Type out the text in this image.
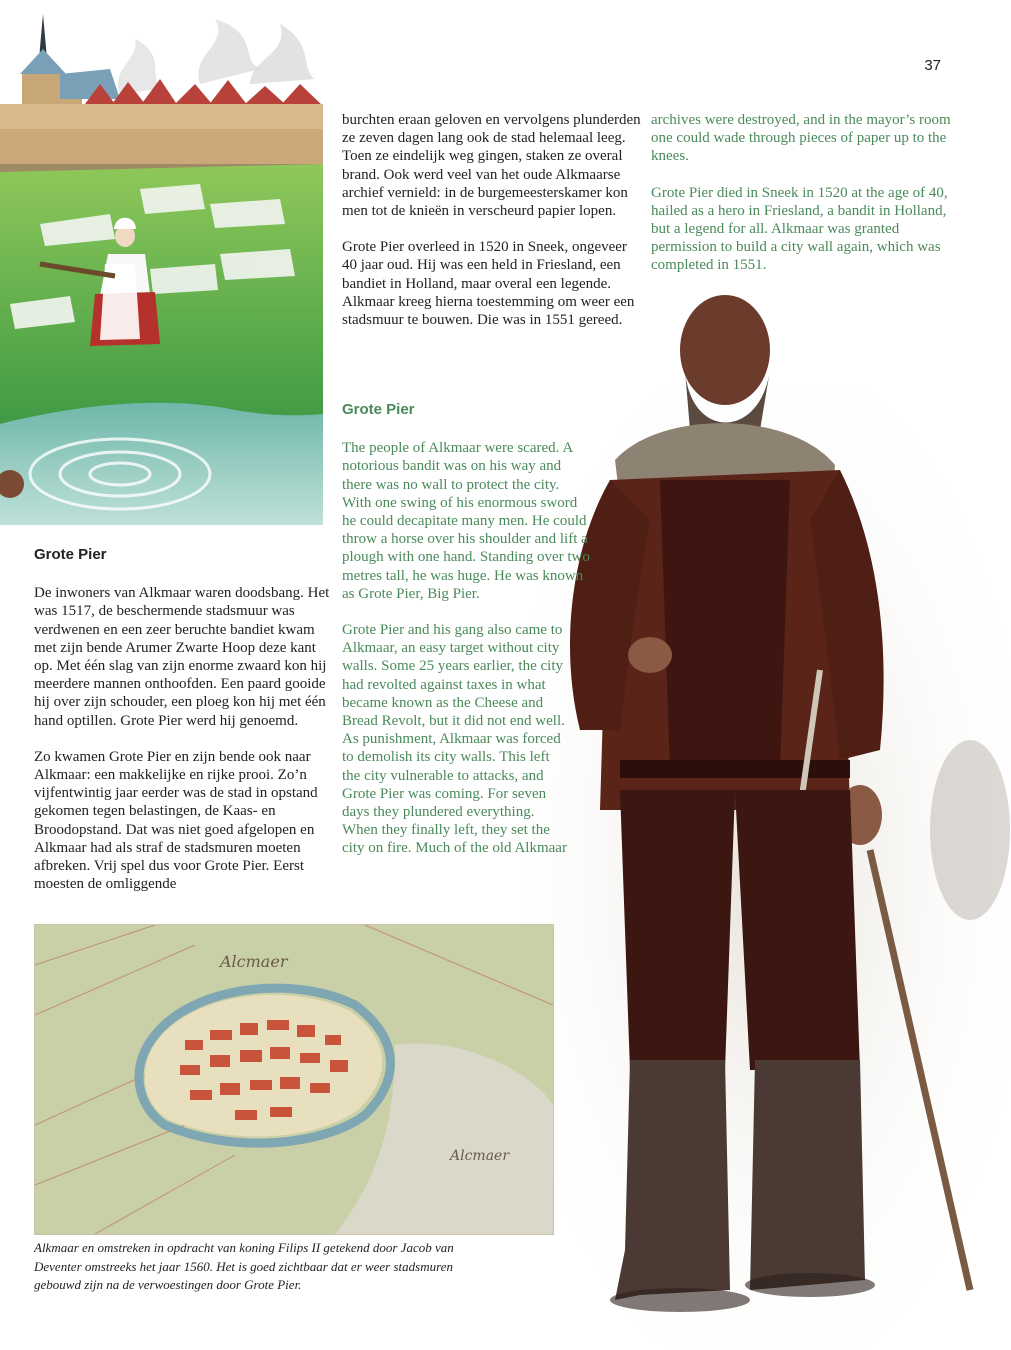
37
Grote Pier

De inwoners van Alkmaar waren doodsbang. Het was 1517, de beschermende stadsmuur was verdwenen en een zeer beruchte bandiet kwam met zijn bende Arumer Zwarte Hoop deze kant op. Met één slag van zijn enorme zwaard kon hij meerdere mannen onthoofden. Een paard gooide hij over zijn schouder, een ploeg kon hij met één hand optillen. Grote Pier werd hij genoemd.

Zo kwamen Grote Pier en zijn bende ook naar Alkmaar: een makkelijke en rijke prooi. Zo’n vijfentwintig jaar eerder was de stad in opstand gekomen tegen belastingen, de Kaas- en Broodopstand. Dat was niet goed afgelopen en Alkmaar had als straf de stadsmuren moeten afbreken. Vrij spel dus voor Grote Pier. Eerst moesten de omliggende

burchten eraan geloven en vervolgens plunderden ze zeven dagen lang ook de stad helemaal leeg. Toen ze eindelijk weg gingen, staken ze overal brand. Ook werd veel van het oude Alkmaarse archief vernield: in de burgemeesterskamer kon men tot de knieën in verscheurd papier lopen.

Grote Pier overleed in 1520 in Sneek, ongeveer 40 jaar oud. Hij was een held in Friesland, een bandiet in Holland, maar overal een legende. Alkmaar kreeg hierna toestemming om weer een stadsmuur te bouwen. Die was in 1551 gereed.

Grote Pier

The people of Alkmaar were scared. A notorious bandit was on his way and there was no wall to protect the city. With one swing of his enormous sword he could decapitate many men. He could throw a horse over his shoulder and lift a plough with one hand. Standing over two metres tall, he was huge. He was known as Grote Pier, Big Pier.

Grote Pier and his gang also came to Alkmaar, an easy target without city walls. Some 25 years earlier, the city had revolted against taxes in what became known as the Cheese and Bread Revolt, but it did not end well. As punishment, Alkmaar was forced to demolish its city walls. This left the city vulnerable to attacks, and Grote Pier was coming. For seven days they plundered everything. When they finally left, they set the city on fire. Much of the old Alkmaar

archives were destroyed, and in the mayor’s room one could wade through pieces of paper up to the knees.

Grote Pier died in Sneek in 1520 at the age of 40, hailed as a hero in Friesland, a bandit in Holland, but a legend for all. Alkmaar was granted permission to build a city wall again, which was completed in 1551.

Alcmaer
Alcmaer
Alkmaar en omstreken in opdracht van koning Filips II getekend door Jacob van Deventer omstreeks het jaar 1560. Het is goed zichtbaar dat er weer stadsmuren gebouwd zijn na de verwoestingen door Grote Pier.
